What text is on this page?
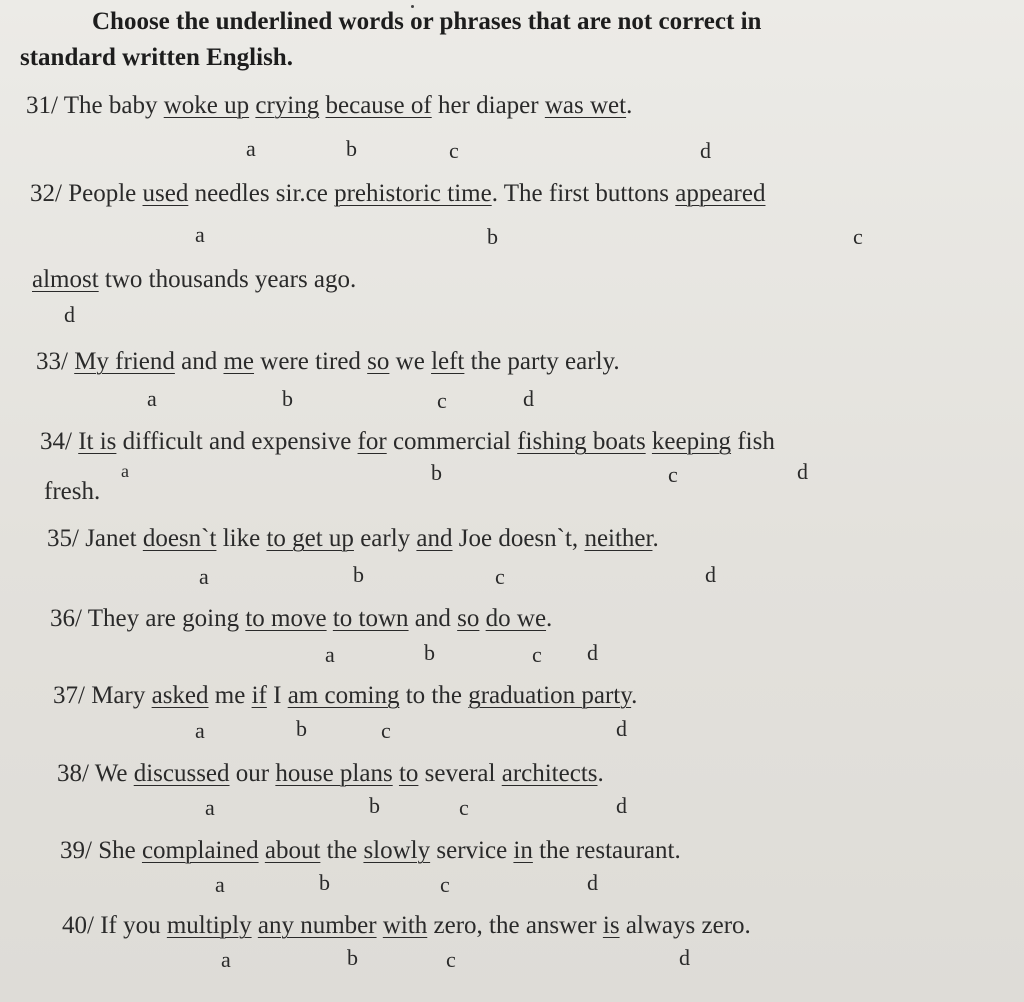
Choose the underlined words or phrases that are not correct in
standard written English.
31/ The baby woke up crying because of her diaper was wet.
a	b	c	d
32/ People used needles sir.ce prehistoric time. The first buttons appeared
a	b	c
almost two thousands years ago.
d
33/ My friend and me were tired so we left the party early.
a	b	c	d
34/ It is difficult and expensive for commercial fishing boats keeping fish
a	b	c	d
fresh.
35/ Janet doesn`t like to get up early and Joe doesn`t, neither.
a	b	c	d
36/ They are going to move to town and so do we.
a	b	c d
37/ Mary asked me if I am coming to the graduation party.
a	b	c	d
38/ We discussed our house plans to several architects.
a	b	c	d
39/ She complained about the slowly service in the restaurant.
a	b	c	d
40/ If you multiply any number with zero, the answer is always zero.
a	b	c	d
